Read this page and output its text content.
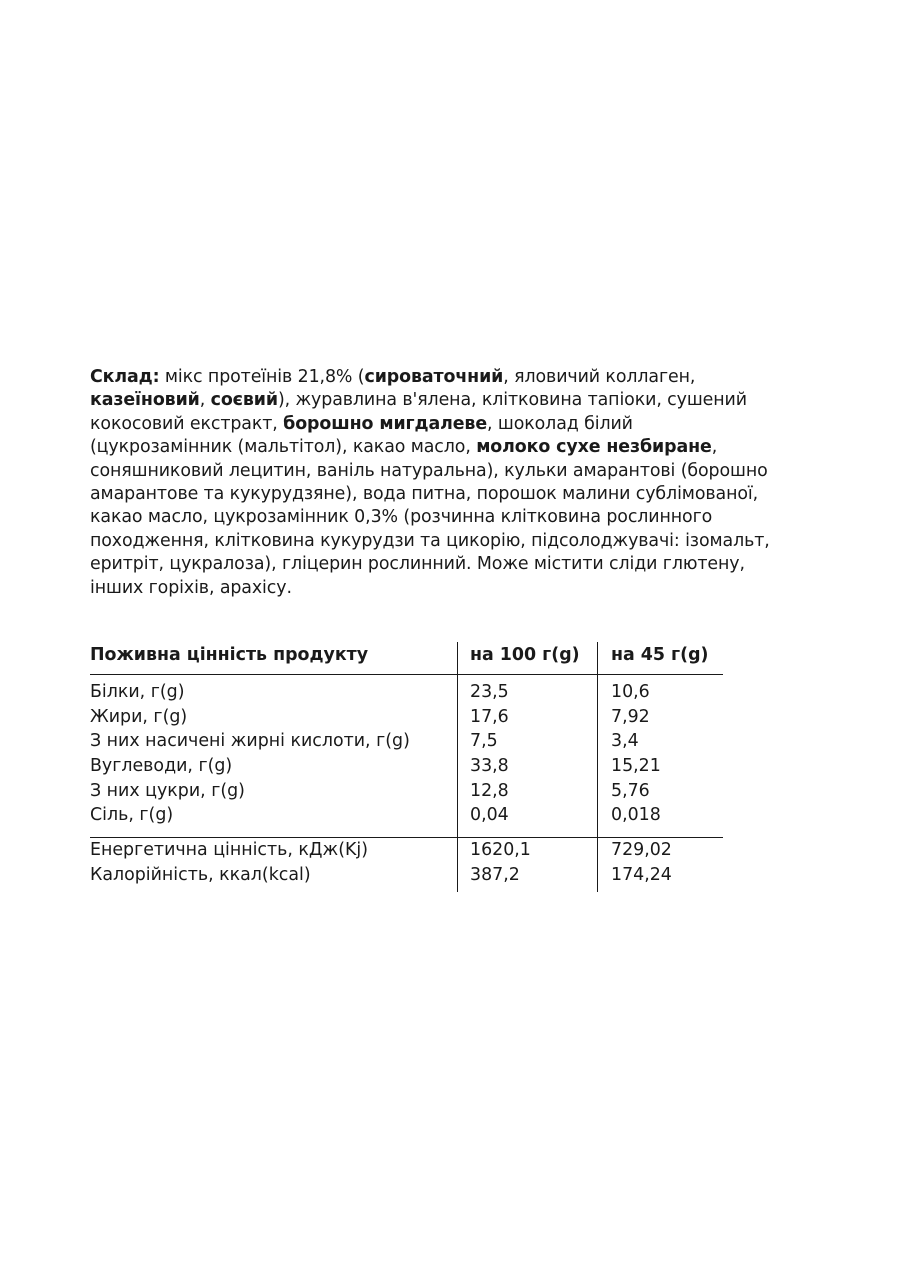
Склад: мікс протеїнів 21,8% (сироваточний, яловичий коллаген,
казеїновий, соєвий), журавлина в'ялена, клітковина тапіоки, сушений
кокосовий екстракт, борошно мигдалеве, шоколад білий
(цукрозамінник (мальтітол), какао масло, молоко сухе незбиране,
соняшниковий лецитин, ваніль натуральна), кульки амарантові (борошно
амарантове та кукурудзяне), вода питна, порошок малини сублімованої,
какао масло, цукрозамінник 0,3% (розчинна клітковина рослинного
походження, клітковина кукурудзи та цикорію, підсолоджувачі: ізомальт,
еритріт, цукралоза), гліцерин рослинний. Може містити сліди глютену,
інших горіхів, арахісу.
Поживна цінність продукту	на 100 г(g) на 45 г(g)
Білки, г(g)	23,5	10,6
Жири, г(g)	17,6	7,92
З них насичені жирні кислоти, г(g)	7,5	3,4
Вуглеводи, г(g)	33,8	15,21
З них цукри, г(g)	12,8	5,76
Сіль, г(g)	0,04	0,018
Енергетична цінність, кДж(Kj)	1620,1	729,02
Калорійність, ккал(kcal)	387,2	174,24
